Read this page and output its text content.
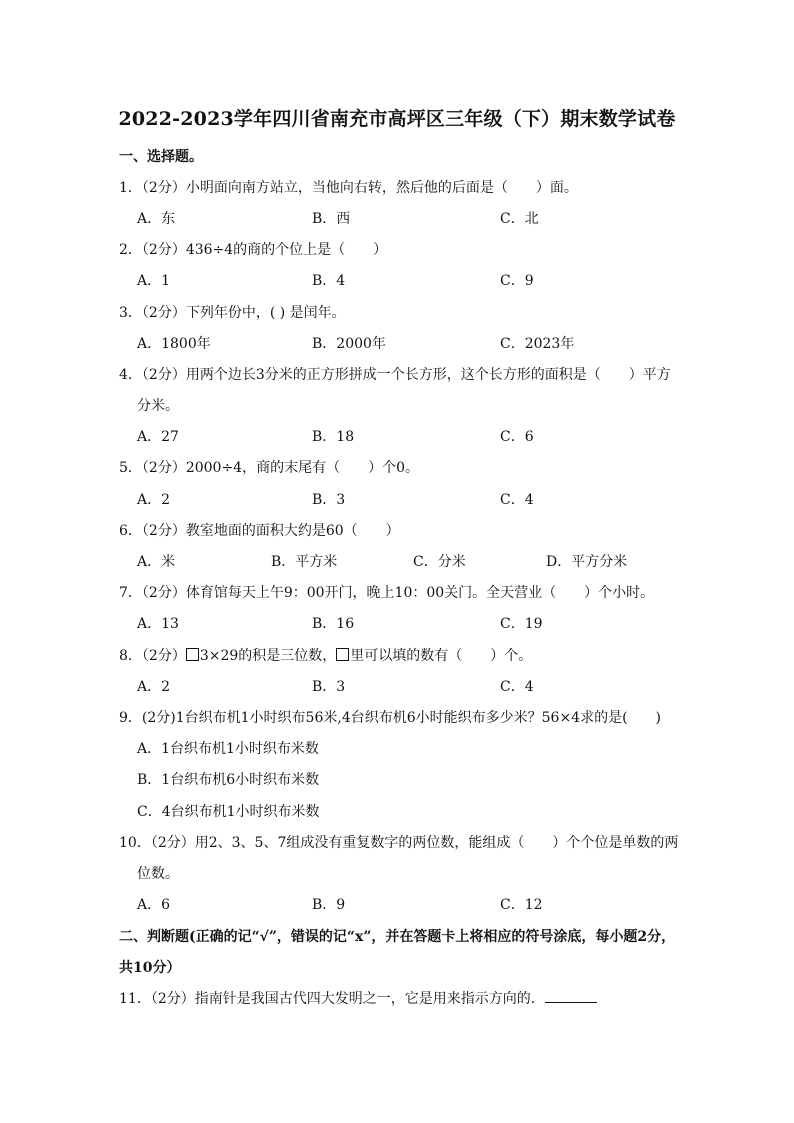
2022-2023学年四川省南充市高坪区三年级（下）期末数学试卷
一、选择题。
1．（2分）小明面向南方站立，当他向右转，然后他的后面是（　　）面。
A．东	B．西	C．北
2．（2分）436÷4的商的个位上是（　　）
A．1	B．4	C．9
3．（2分）下列年份中，( ) 是闰年。
A．1800年	B．2000年	C．2023年
4．（2分）用两个边长3分米的正方形拼成一个长方形，这个长方形的面积是（　　）平方
分米。
A．27	B．18	C．6
5．（2分）2000÷4，商的末尾有（　　）个0。
A．2	B．3	C．4
6．（2分）教室地面的面积大约是60（　　）
A．米	B．平方米	C．分米	D．平方分米
7．（2分）体育馆每天上午9：00开门，晚上10：00关门。全天营业（　　）个小时。
A．13	B．16	C．19
8．（2分） 3×29的积是三位数， 里可以填的数有（　　）个。
A．2	B．3	C．4
9．(2分)1台织布机1小时织布56米,4台织布机6小时能织布多少米？56×4求的是(　　)
A．1台织布机1小时织布米数
B．1台织布机6小时织布米数
C．4台织布机1小时织布米数
10．（2分）用2、3、5、7组成没有重复数字的两位数，能组成（　　）个个位是单数的两
位数。
A．6	B．9	C．12
二、判断题(正确的记“√”，错误的记“x”，并在答题卡上将相应的符号涂底，每小题2分，
共10分）
11．（2分）指南针是我国古代四大发明之一，它是用来指示方向的．
